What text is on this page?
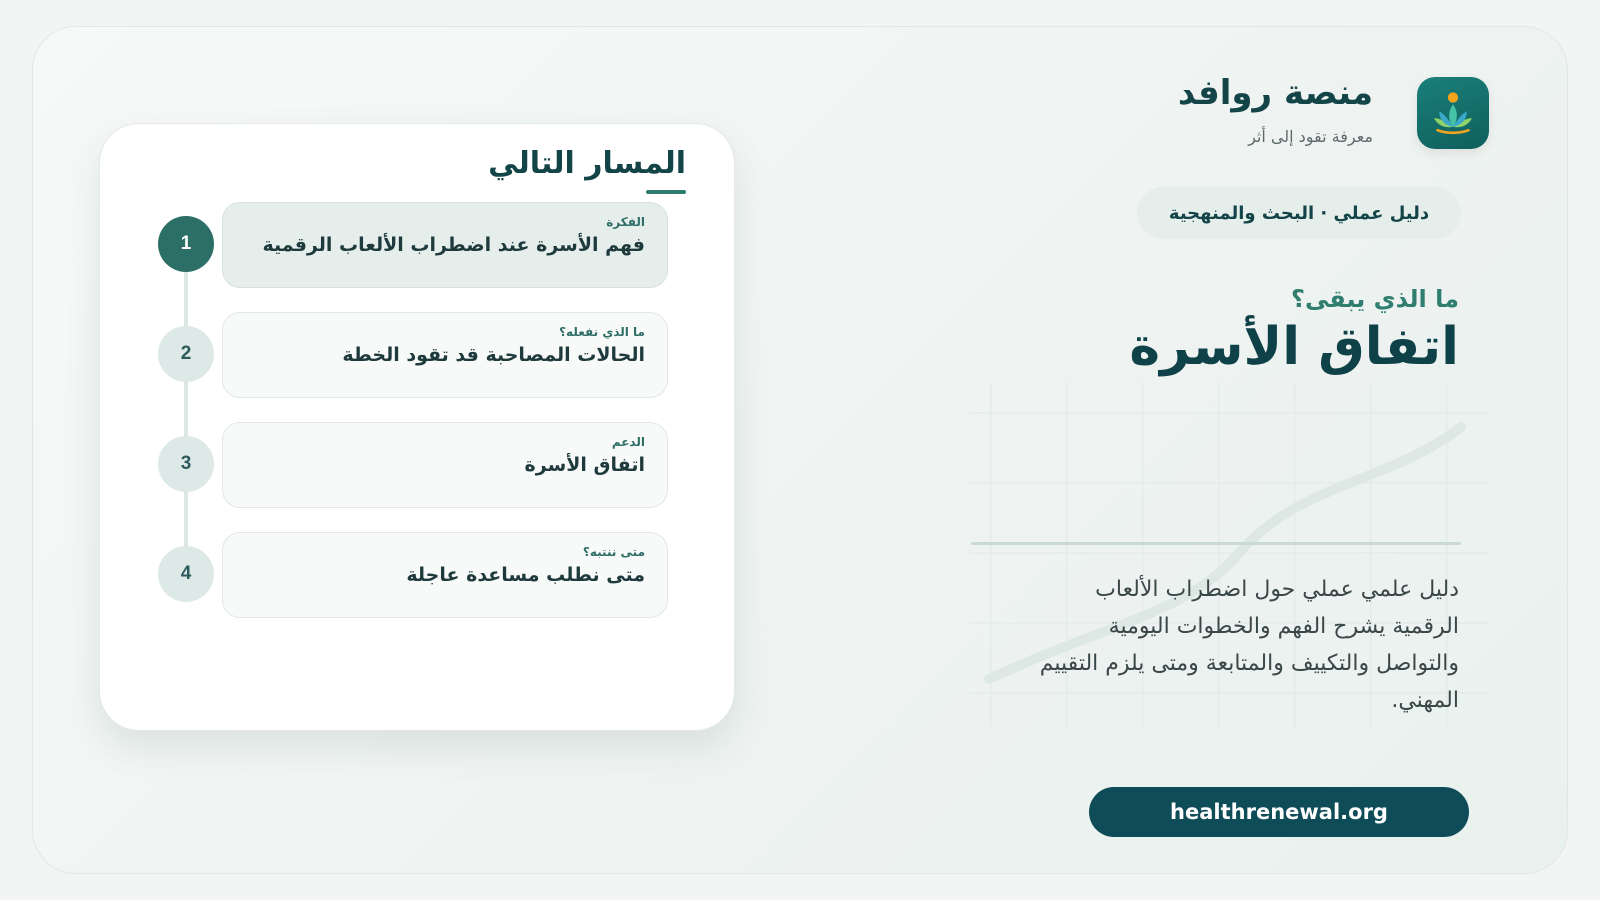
منصة روافد
معرفة تقود إلى أثر
دليل عملي · البحث والمنهجية
ما الذي يبقى؟
اتفاق الأسرة
دليل علمي عملي حول اضطراب الألعاب الرقمية يشرح الفهم والخطوات اليومية والتواصل والتكييف والمتابعة ومتى يلزم التقييم المهني.
healthrenewal.org
المسار التالي
1
الفكرة
فهم الأسرة عند اضطراب الألعاب الرقمية
2
ما الذي نفعله؟
الحالات المصاحبة قد تقود الخطة
3
الدعم
اتفاق الأسرة
4
متى ننتبه؟
متى نطلب مساعدة عاجلة
